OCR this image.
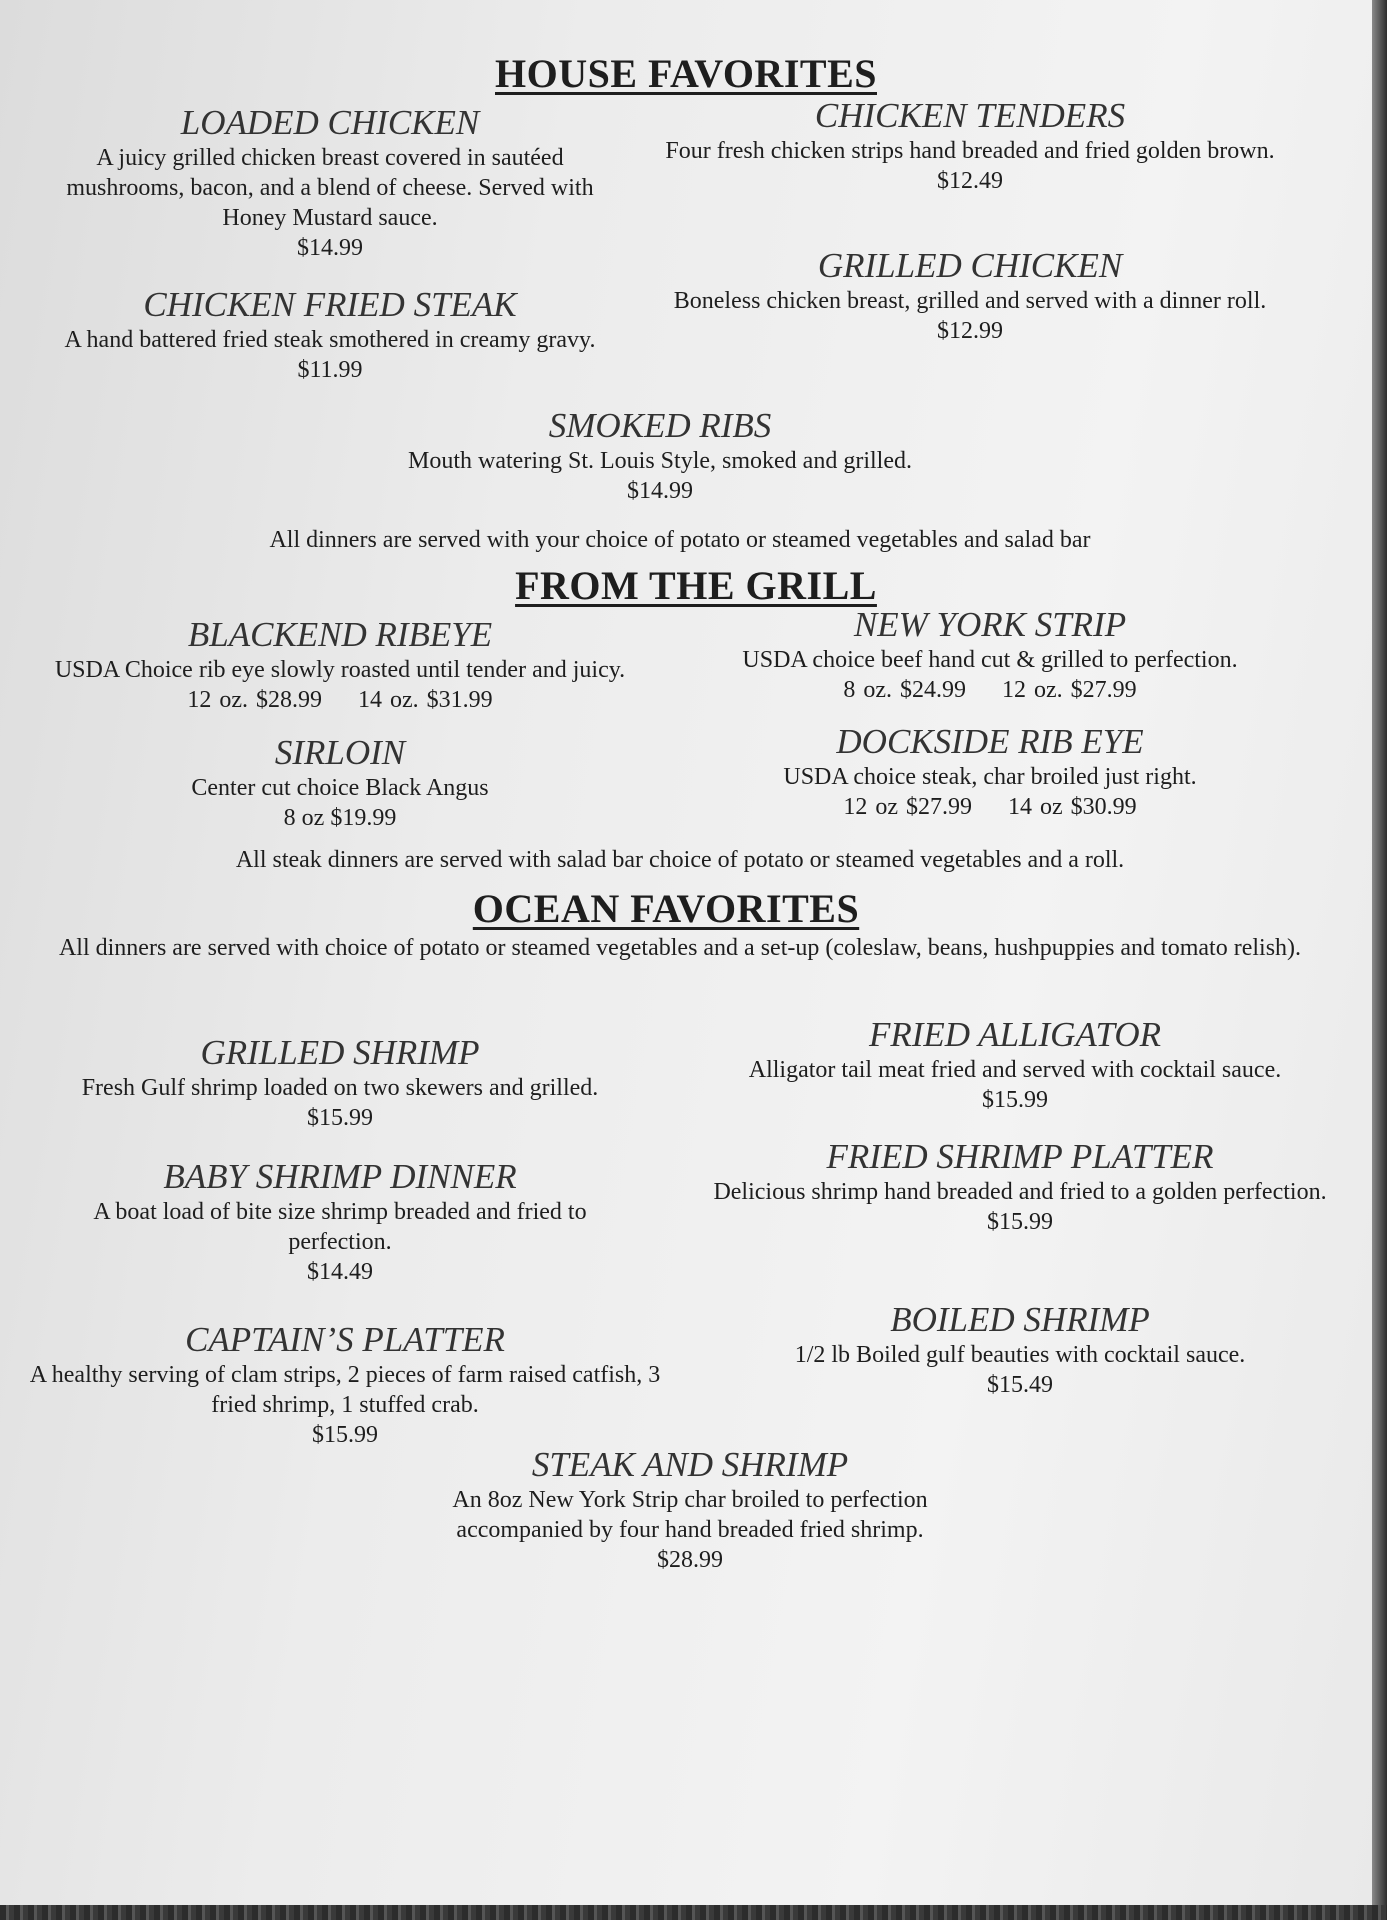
HOUSE FAVORITES
LOADED CHICKEN
A juicy grilled chicken breast covered in sautéed mushrooms, bacon, and a blend of cheese. Served with Honey Mustard sauce.
$14.99
CHICKEN TENDERS
Four fresh chicken strips hand breaded and fried golden brown.
$12.49
GRILLED CHICKEN
Boneless chicken breast, grilled and served with a dinner roll.
$12.99
CHICKEN FRIED STEAK
A hand battered fried steak smothered in creamy gravy.
$11.99
SMOKED RIBS
Mouth watering St. Louis Style, smoked and grilled.
$14.99
All dinners are served with your choice of potato or steamed vegetables and salad bar
FROM THE GRILL
BLACKEND RIBEYE
USDA Choice rib eye slowly roasted until tender and juicy.
12 oz. $28.99 14 oz. $31.99
NEW YORK STRIP
USDA choice beef hand cut & grilled to perfection.
8 oz. $24.99 12 oz. $27.99
SIRLOIN
Center cut choice Black Angus
8 oz $19.99
DOCKSIDE RIB EYE
USDA choice steak, char broiled just right.
12 oz $27.99 14 oz $30.99
All steak dinners are served with salad bar choice of potato or steamed vegetables and a roll.
OCEAN FAVORITES
All dinners are served with choice of potato or steamed vegetables and a set-up (coleslaw, beans, hushpuppies and tomato relish).
GRILLED SHRIMP
Fresh Gulf shrimp loaded on two skewers and grilled.
$15.99
FRIED ALLIGATOR
Alligator tail meat fried and served with cocktail sauce.
$15.99
BABY SHRIMP DINNER
A boat load of bite size shrimp breaded and fried to perfection.
$14.49
FRIED SHRIMP PLATTER
Delicious shrimp hand breaded and fried to a golden perfection.
$15.99
CAPTAIN’S PLATTER
A healthy serving of clam strips, 2 pieces of farm raised catfish, 3 fried shrimp, 1 stuffed crab.
$15.99
BOILED SHRIMP
1/2 lb Boiled gulf beauties with cocktail sauce.
$15.49
STEAK AND SHRIMP
An 8oz New York Strip char broiled to perfection accompanied by four hand breaded fried shrimp.
$28.99
